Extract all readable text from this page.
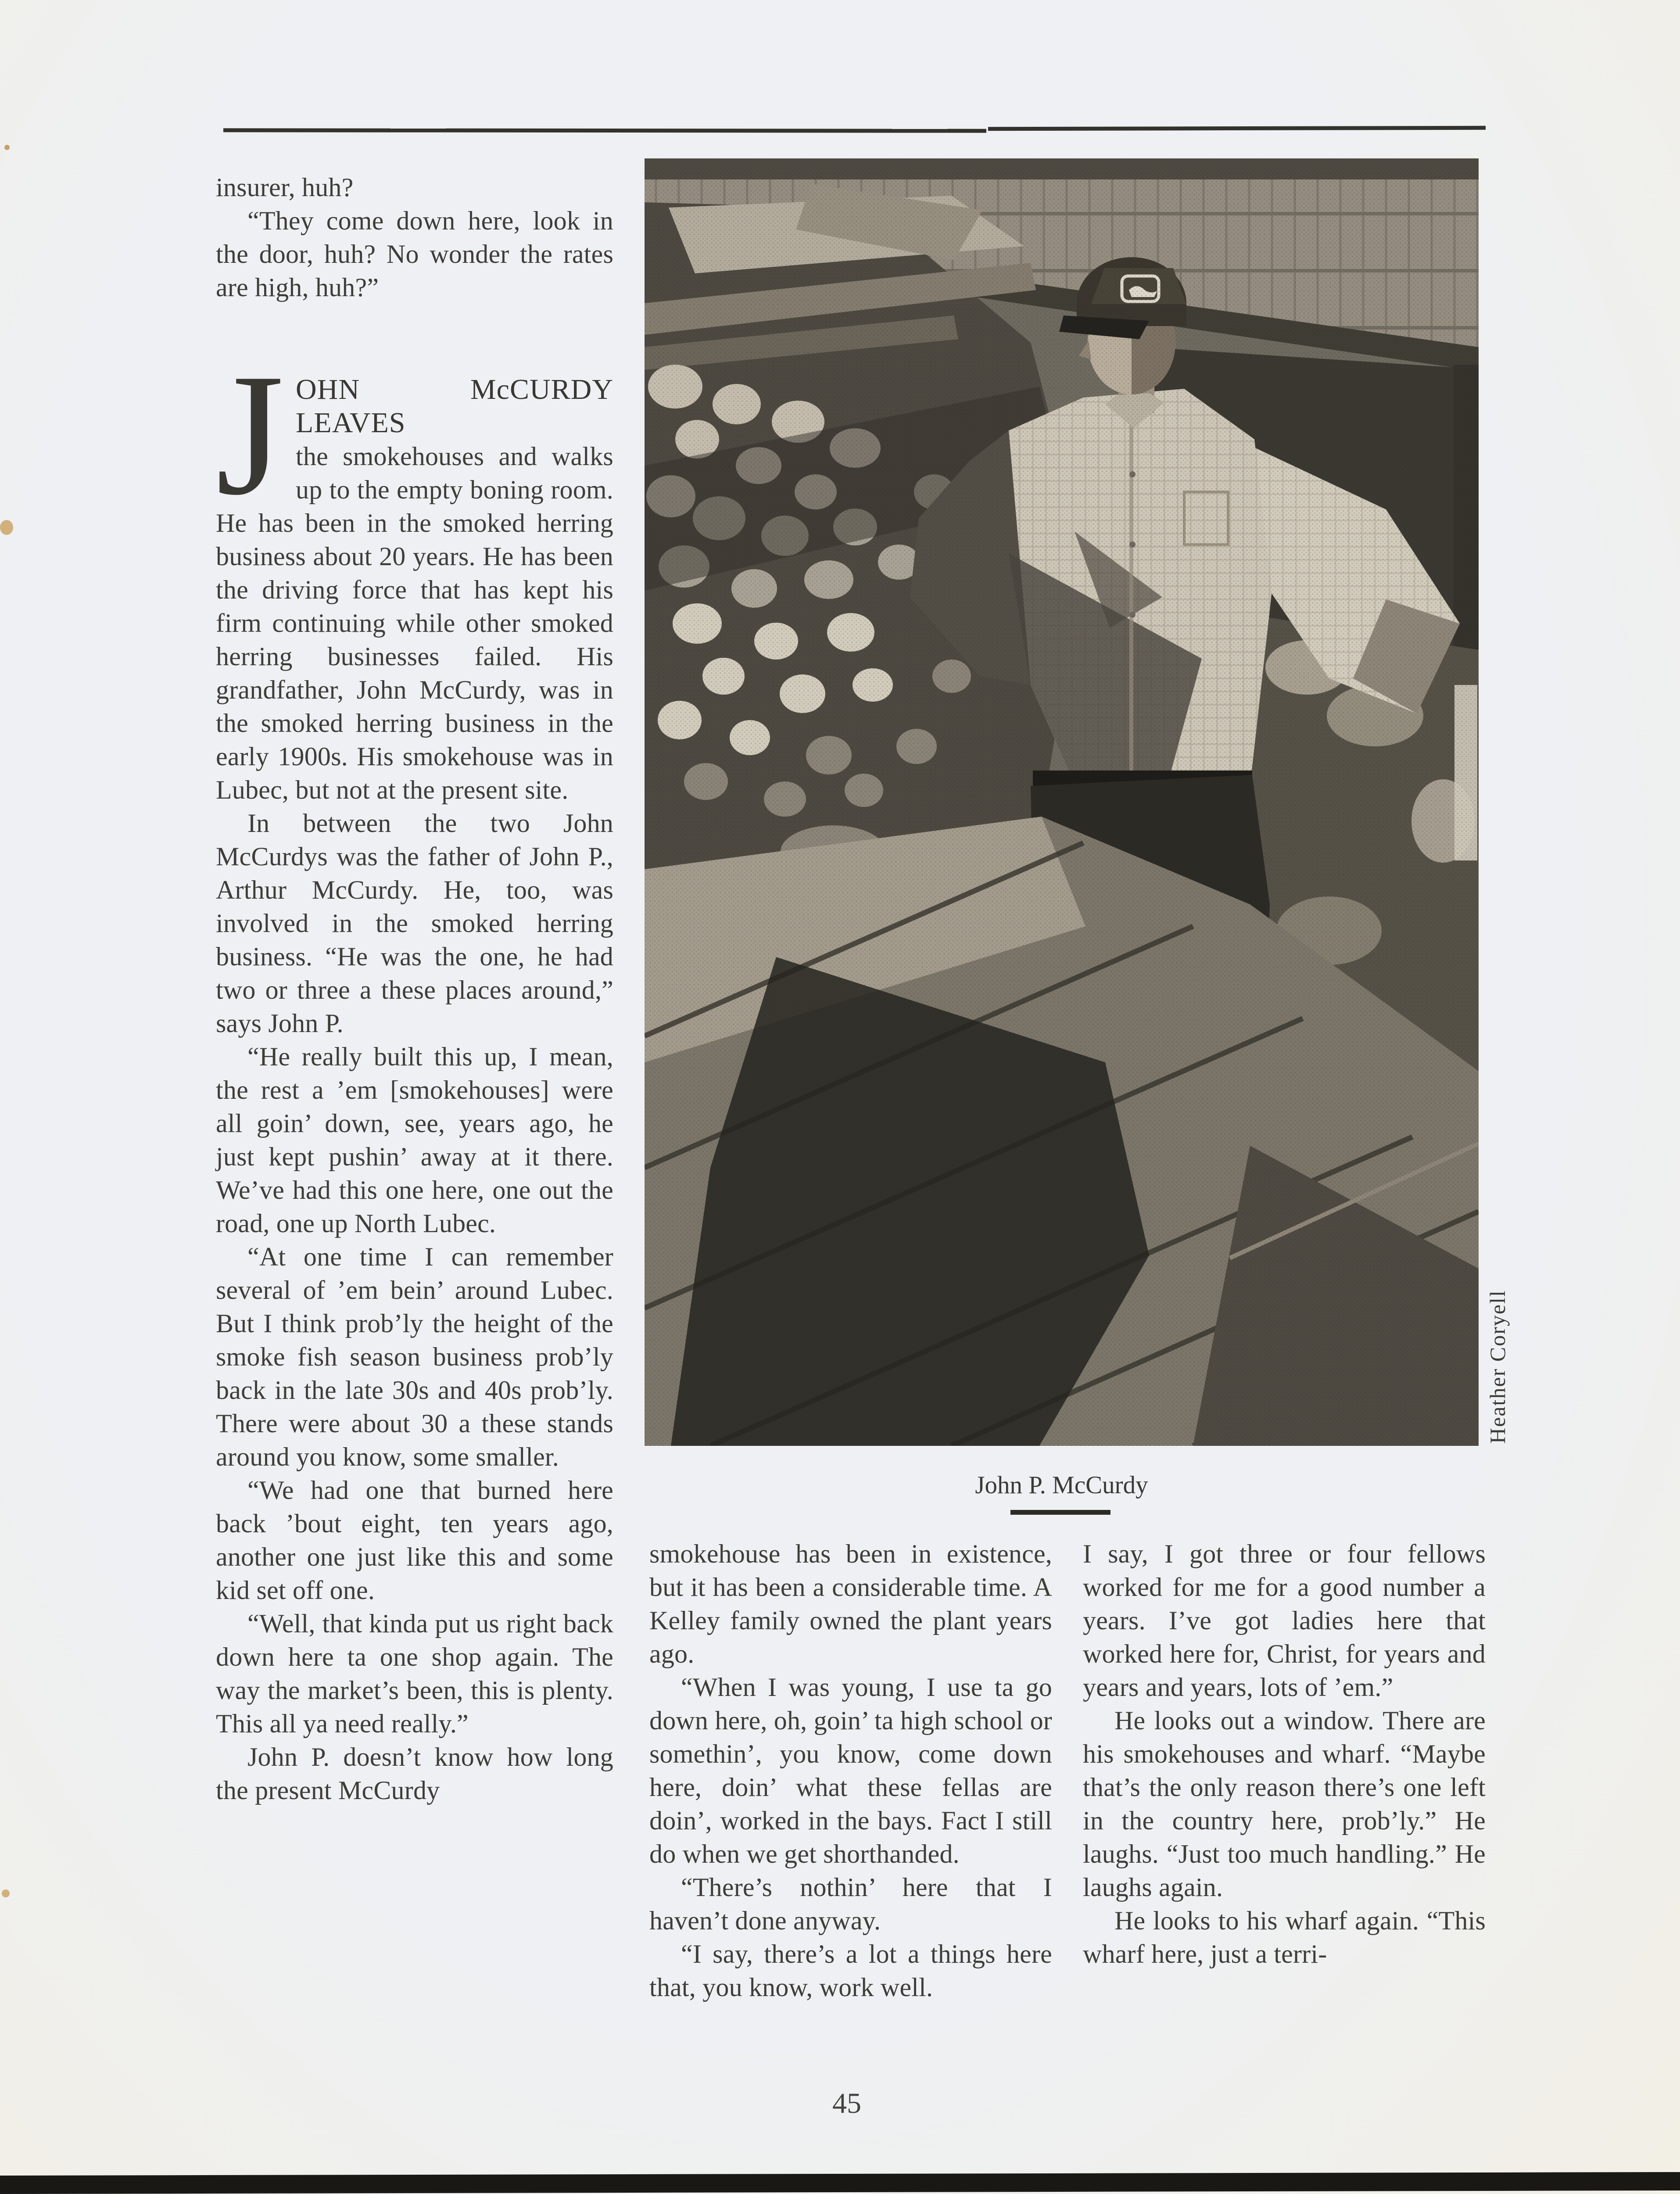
insurer, huh?

“They come down here, look in the door, huh? No wonder the rates are high, huh?”

J OHN McCURDY LEAVES
the smokehouses and walks up to the empty boning room. He has been in the smoked herring business about 20 years. He has been the driving force that has kept his firm continuing while other smoked herring businesses failed. His grandfather, John McCurdy, was in the smoked herring business in the early 1900s. His smokehouse was in Lubec, but not at the present site.

In between the two John McCurdys was the father of John P., Arthur McCurdy. He, too, was involved in the smoked herring business. “He was the one, he had two or three a these places around,” says John P.

“He really built this up, I mean, the rest a ’em [smokehouses] were all goin’ down, see, years ago, he just kept pushin’ away at it there. We’ve had this one here, one out the road, one up North Lubec.

“At one time I can remember several of ’em bein’ around Lubec. But I think prob’ly the height of the smoke fish season business prob’ly back in the late 30s and 40s prob’ly. There were about 30 a these stands around you know, some smaller.

“We had one that burned here back ’bout eight, ten years ago, another one just like this and some kid set off one.

“Well, that kinda put us right back down here ta one shop again. The way the market’s been, this is plenty. This all ya need really.”

John P. doesn’t know how long the present McCurdy

Heather Coryell
John P. McCurdy

smokehouse has been in existence, but it has been a considerable time. A Kelley family owned the plant years ago.

“When I was young, I use ta go down here, oh, goin’ ta high school or somethin’, you know, come down here, doin’ what these fellas are doin’, worked in the bays. Fact I still do when we get shorthanded.

“There’s nothin’ here that I haven’t done anyway.

“I say, there’s a lot a things here that, you know, work well.

I say, I got three or four fellows worked for me for a good number a years. I’ve got ladies here that worked here for, Christ, for years and years and years, lots of ’em.”

He looks out a window. There are his smokehouses and wharf. “Maybe that’s the only reason there’s one left in the country here, prob’ly.” He laughs. “Just too much handling.” He laughs again.

He looks to his wharf again. “This wharf here, just a terri-

45
